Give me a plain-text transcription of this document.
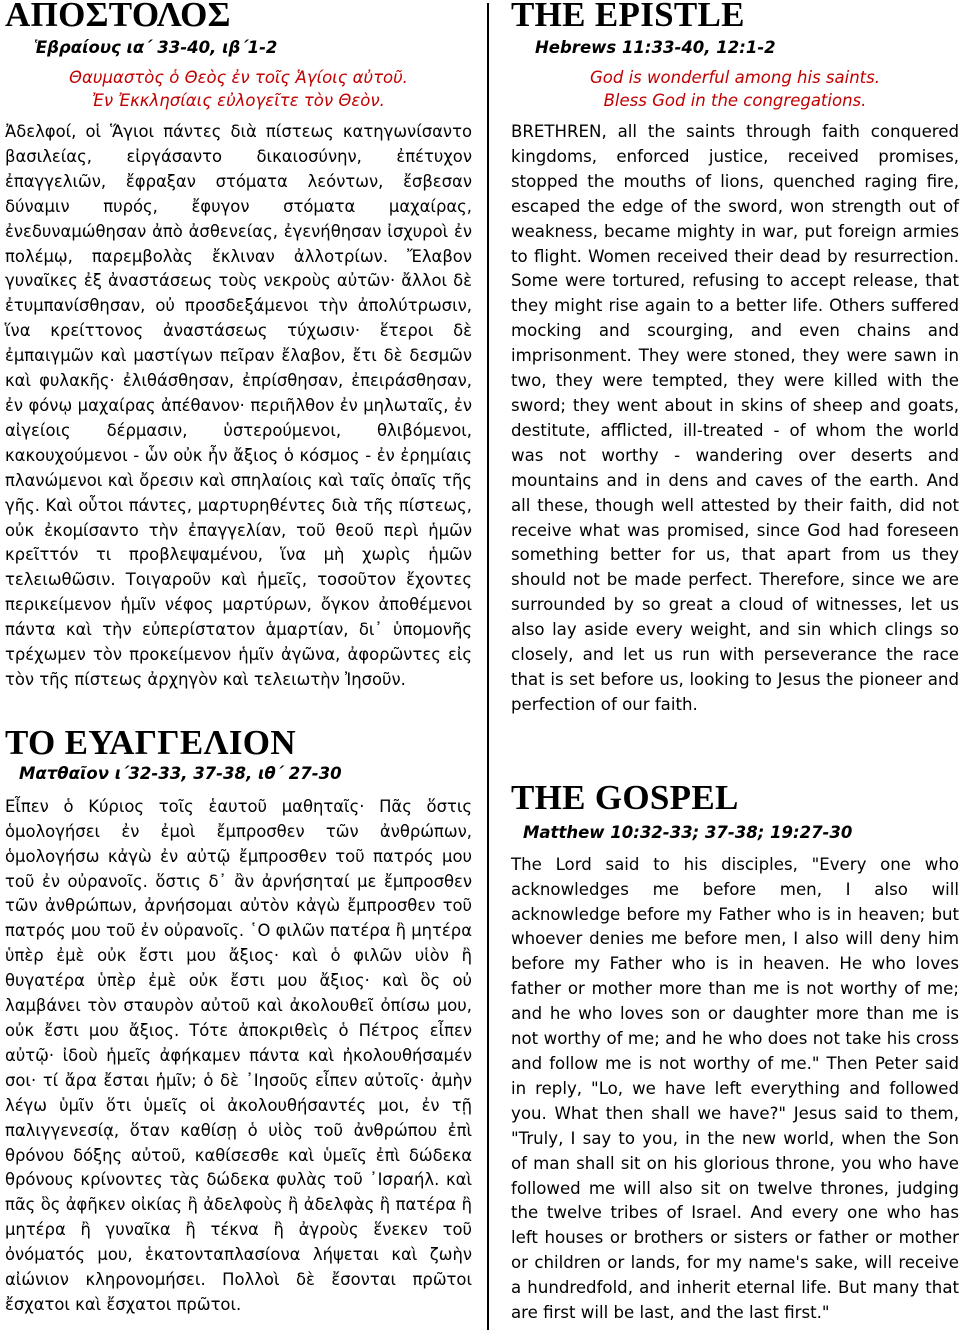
ΑΠΟΣΤΟΛΟΣ

Ἑβραίους ια΄ 33-40, ιβ΄1-2

Θαυμαστὸς ὁ Θεὸς ἐν τοῖς Ἁγίοις αὐτοῦ.

Ἐν Ἐκκλησίαις εὐλογεῖτε τὸν Θεὸν.

Ἀδελφοί, οἱ Ἅγιοι πάντες διὰ πίστεως κατηγωνίσαντο βασιλείας, εἰργάσαντο δικαιοσύνην, ἐπέτυχον ἐπαγγελιῶν, ἔφραξαν στόματα λεόντων, ἔσβεσαν δύναμιν πυρός, ἔφυγον στόματα μαχαίρας, ἐνεδυναμώθησαν ἀπὸ ἀσθενείας, ἐγενήθησαν ἰσχυροὶ ἐν πολέμῳ, παρεμβολὰς ἔκλιναν ἀλλοτρίων. Ἔλαβον γυναῖκες ἐξ ἀναστάσεως τοὺς νεκροὺς αὐτῶν· ἄλλοι δὲ ἐτυμπανίσθησαν, οὐ προσδεξάμενοι τὴν ἀπολύτρωσιν, ἵνα κρείττονος ἀναστάσεως τύχωσιν· ἕτεροι δὲ ἐμπαιγμῶν καὶ μαστίγων πεῖραν ἔλαβον, ἔτι δὲ δεσμῶν καὶ φυλακῆς· ἐλιθάσθησαν, ἐπρίσθησαν, ἐπειράσθησαν, ἐν φόνῳ μαχαίρας ἀπέθανον· περιῆλθον ἐν μηλωταῖς, ἐν αἰγείοις δέρμασιν, ὑστερούμενοι, θλιβόμενοι, κακουχούμενοι - ὧν οὐκ ἦν ἄξιος ὁ κόσμος - ἐν ἐρημίαις πλανώμενοι καὶ ὄρεσιν καὶ σπηλαίοις καὶ ταῖς ὀπαῖς τῆς γῆς. Καὶ οὗτοι πάντες, μαρτυρηθέντες διὰ τῆς πίστεως, οὐκ ἐκομίσαντο τὴν ἐπαγγελίαν, τοῦ θεοῦ περὶ ἡμῶν κρεῖττόν τι προβλεψαμένου, ἵνα μὴ χωρὶς ἡμῶν τελειωθῶσιν. Τοιγαροῦν καὶ ἡμεῖς, τοσοῦτον ἔχοντες περικείμενον ἡμῖν νέφος μαρτύρων, ὄγκον ἀποθέμενοι πάντα καὶ τὴν εὐπερίστατον ἁμαρτίαν, δι᾿ ὑπομονῆς τρέχωμεν τὸν προκείμενον ἡμῖν ἀγῶνα, ἀφορῶντες εἰς τὸν τῆς πίστεως ἀρχηγὸν καὶ τελειωτὴν Ἰησοῦν.

ΤΟ ΕΥΑΓΓΕΛΙΟΝ

Ματθαῖον ι΄32-33, 37-38, ιθ΄ 27-30

Εἶπεν ὁ Κύριος τοῖς ἑαυτοῦ μαθηταῖς· Πᾶς ὅστις ὁμολογήσει ἐν ἐμοὶ ἔμπροσθεν τῶν ἀνθρώπων, ὁμολογήσω κἀγὼ ἐν αὐτῷ ἔμπροσθεν τοῦ πατρός μου τοῦ ἐν οὐρανοῖς. ὅστις δ᾽ ἂν ἀρνήσηταί με ἔμπροσθεν τῶν ἀνθρώπων, ἀρνήσομαι αὐτὸν κἀγὼ ἔμπροσθεν τοῦ πατρός μου τοῦ ἐν οὐρανοῖς. ῾Ο φιλῶν πατέρα ἢ μητέρα ὑπὲρ ἐμὲ οὐκ ἔστι μου ἄξιος· καὶ ὁ φιλῶν υἱὸν ἢ θυγατέρα ὑπὲρ ἐμὲ οὐκ ἔστι μου ἄξιος· καὶ ὃς οὐ λαμβάνει τὸν σταυρὸν αὐτοῦ καὶ ἀκολουθεῖ ὀπίσω μου, οὐκ ἔστι μου ἄξιος. Τότε ἀποκριθεὶς ὁ Πέτρος εἶπεν αὐτῷ· ἰδοὺ ἡμεῖς ἀφήκαμεν πάντα καὶ ἠκολουθήσαμέν σοι· τί ἄρα ἔσται ἡμῖν; ὁ δὲ ᾿Ιησοῦς εἶπεν αὐτοῖς· ἀμὴν λέγω ὑμῖν ὅτι ὑμεῖς οἱ ἀκολουθήσαντές μοι, ἐν τῇ παλιγγενεσίᾳ, ὅταν καθίσῃ ὁ υἱὸς τοῦ ἀνθρώπου ἐπὶ θρόνου δόξης αὐτοῦ, καθίσεσθε καὶ ὑμεῖς ἐπὶ δώδεκα θρόνους κρίνοντες τὰς δώδεκα φυλὰς τοῦ ᾿Ισραήλ. καὶ πᾶς ὃς ἀφῆκεν οἰκίας ἢ ἀδελφοὺς ἢ ἀδελφὰς ἢ πατέρα ἢ μητέρα ἢ γυναῖκα ἢ τέκνα ἢ ἀγροὺς ἕνεκεν τοῦ ὀνόματός μου, ἑκατονταπλασίονα λήψεται καὶ ζωὴν αἰώνιον κληρονομήσει. Πολλοὶ δὲ ἔσονται πρῶτοι ἔσχατοι καὶ ἔσχατοι πρῶτοι.

THE EPISTLE

Hebrews 11:33-40, 12:1-2

God is wonderful among his saints.

Bless God in the congregations.

BRETHREN, all the saints through faith conquered kingdoms, enforced justice, received promises, stopped the mouths of lions, quenched raging fire, escaped the edge of the sword, won strength out of weakness, became mighty in war, put foreign armies to flight. Women received their dead by resurrection. Some were tortured, refusing to accept release, that they might rise again to a better life. Others suffered mocking and scourging, and even chains and imprisonment. They were stoned, they were sawn in two, they were tempted, they were killed with the sword; they went about in skins of sheep and goats, destitute, afflicted, ill-treated - of whom the world was not worthy - wandering over deserts and mountains and in dens and caves of the earth. And all these, though well attested by their faith, did not receive what was promised, since God had foreseen something better for us, that apart from us they should not be made perfect. Therefore, since we are surrounded by so great a cloud of witnesses, let us also lay aside every weight, and sin which clings so closely, and let us run with perseverance the race that is set before us, looking to Jesus the pioneer and perfection of our faith.

THE GOSPEL

Matthew 10:32-33; 37-38; 19:27-30

The Lord said to his disciples, "Every one who acknowledges me before men, I also will acknowledge before my Father who is in heaven; but whoever denies me before men, I also will deny him before my Father who is in heaven. He who loves father or mother more than me is not worthy of me; and he who loves son or daughter more than me is not worthy of me; and he who does not take his cross and follow me is not worthy of me." Then Peter said in reply, "Lo, we have left everything and followed you. What then shall we have?" Jesus said to them, "Truly, I say to you, in the new world, when the Son of man shall sit on his glorious throne, you who have followed me will also sit on twelve thrones, judging the twelve tribes of Israel. And every one who has left houses or brothers or sisters or father or mother or children or lands, for my name's sake, will receive a hundredfold, and inherit eternal life. But many that are first will be last, and the last first."
